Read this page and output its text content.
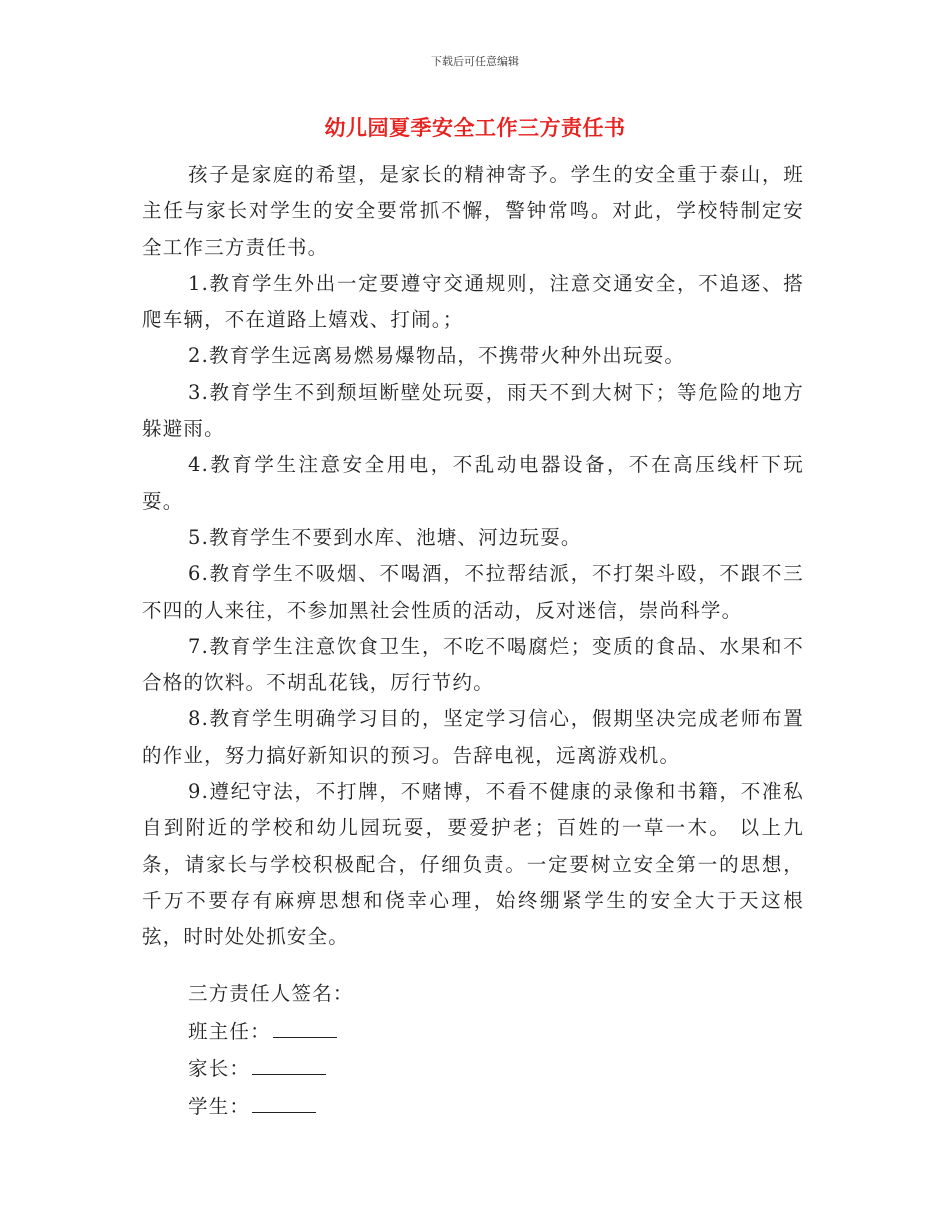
下载后可任意编辑
幼儿园夏季安全工作三方责任书

孩子是家庭的希望，是家长的精神寄予。学生的安全重于泰山，班主任与家长对学生的安全要常抓不懈，警钟常鸣。对此，学校特制定安全工作三方责任书。

1.教育学生外出一定要遵守交通规则，注意交通安全，不追逐、搭爬车辆，不在道路上嬉戏、打闹。；

2.教育学生远离易燃易爆物品，不携带火种外出玩耍。

3.教育学生不到颓垣断壁处玩耍，雨天不到大树下；等危险的地方躲避雨。

4.教育学生注意安全用电，不乱动电器设备，不在高压线杆下玩耍。

5.教育学生不要到水库、池塘、河边玩耍。

6.教育学生不吸烟、不喝酒，不拉帮结派，不打架斗殴，不跟不三不四的人来往，不参加黑社会性质的活动，反对迷信，崇尚科学。

7.教育学生注意饮食卫生，不吃不喝腐烂；变质的食品、水果和不合格的饮料。不胡乱花钱，厉行节约。

8.教育学生明确学习目的，坚定学习信心，假期坚决完成老师布置的作业，努力搞好新知识的预习。告辞电视，远离游戏机。

9.遵纪守法，不打牌，不赌博，不看不健康的录像和书籍，不准私自到附近的学校和幼儿园玩耍，要爱护老；百姓的一草一木。 以上九条，请家长与学校积极配合，仔细负责。一定要树立安全第一的思想，千万不要存有麻痹思想和侥幸心理，始终绷紧学生的安全大于天这根弦，时时处处抓安全。

三方责任人签名：
班主任：
家长：
学生：
